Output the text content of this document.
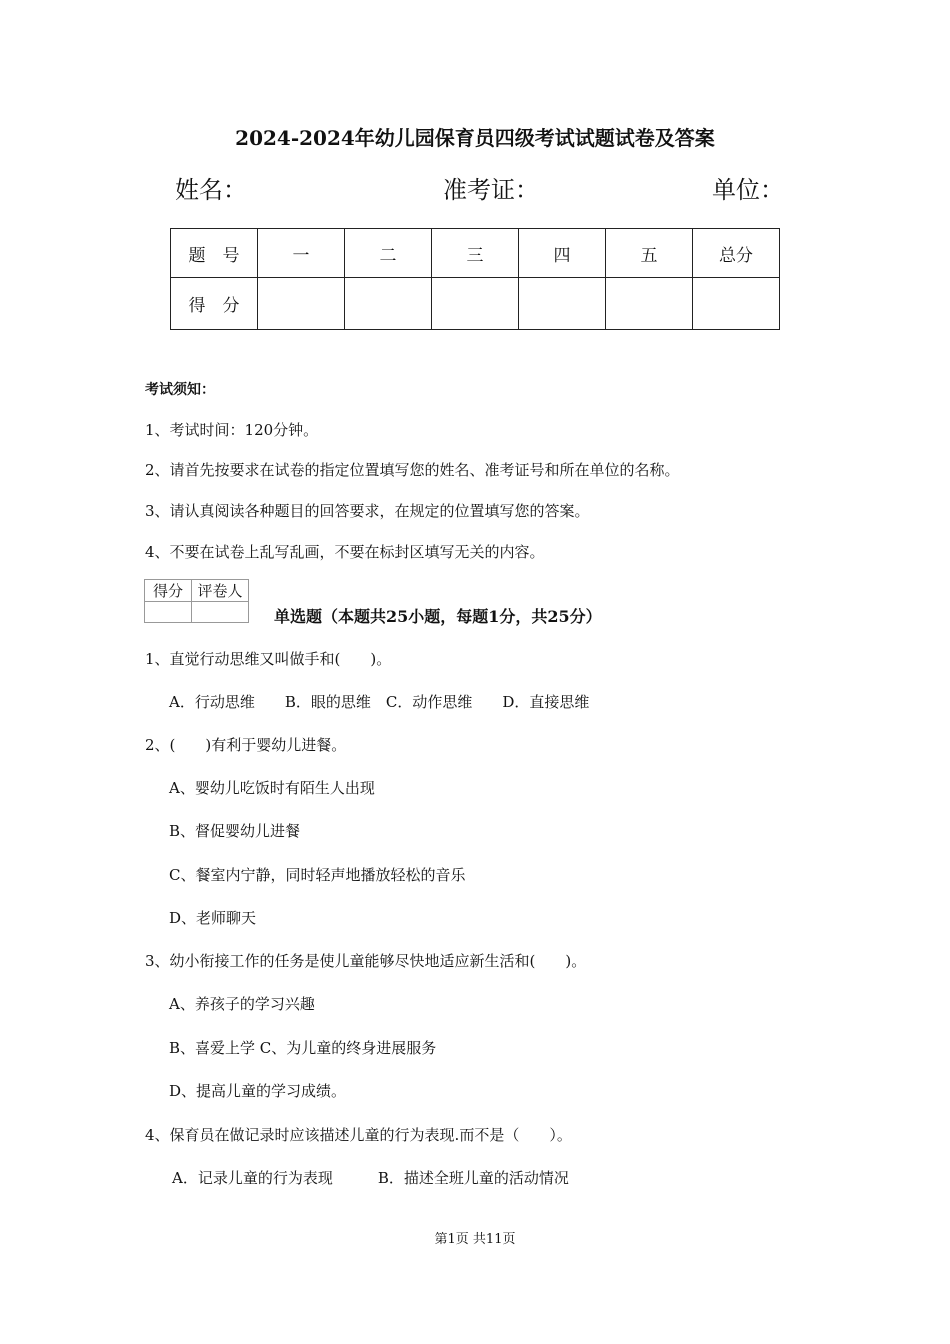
2024-2024年幼儿园保育员四级考试试题试卷及答案
姓名：	准考证：	单位：
题　号	一	二	三	四	五	总分
得　分						
考试须知：
1、考试时间：120分钟。
2、请首先按要求在试卷的指定位置填写您的姓名、准考证号和所在单位的名称。
3、请认真阅读各种题目的回答要求，在规定的位置填写您的答案。
4、不要在试卷上乱写乱画，不要在标封区填写无关的内容。
得分	评卷人

单选题（本题共25小题，每题1分，共25分）
1、直觉行动思维又叫做手和(　　)。
A．行动思维　　B．眼的思维　C．动作思维　　D．直接思维
2、(　　)有利于婴幼儿进餐。
A、婴幼儿吃饭时有陌生人出现
B、督促婴幼儿进餐
C、餐室内宁静，同时轻声地播放轻松的音乐
D、老师聊天
3、幼小衔接工作的任务是使儿童能够尽快地适应新生活和(　　)。
A、养孩子的学习兴趣
B、喜爱上学 C、为儿童的终身进展服务
D、提高儿童的学习成绩。
4、保育员在做记录时应该描述儿童的行为表现.而不是（　　）。
A．记录儿童的行为表现　　　B．描述全班儿童的活动情况
第1页 共11页
